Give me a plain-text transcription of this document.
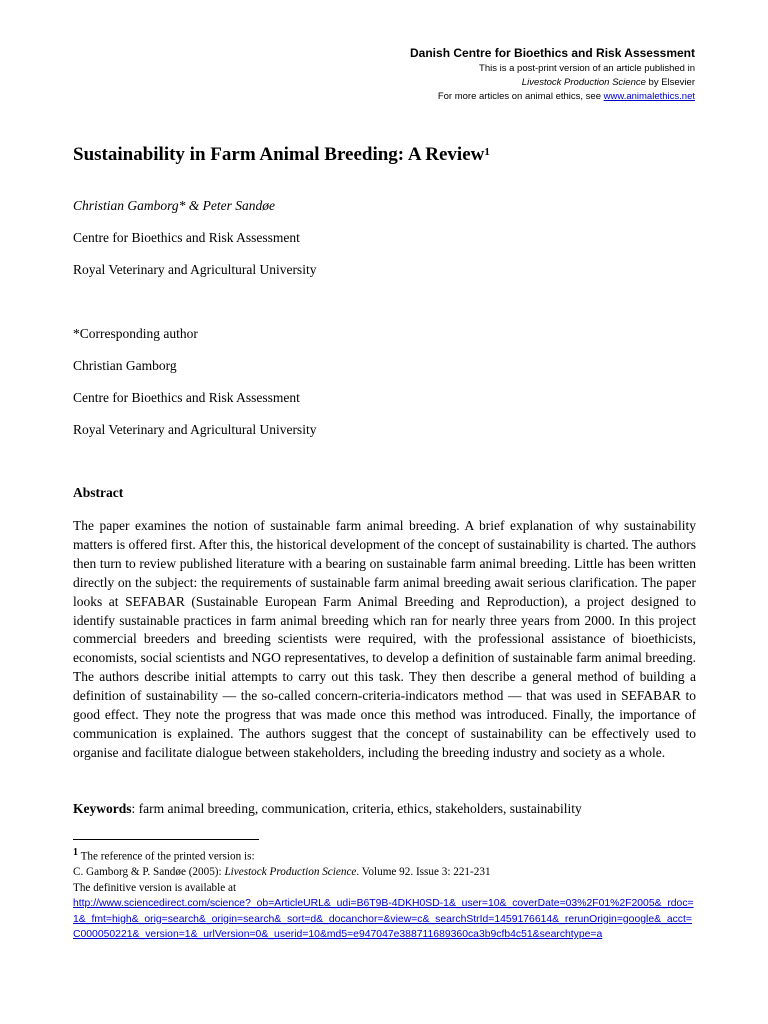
Danish Centre for Bioethics and Risk Assessment
This is a post-print version of an article published in
Livestock Production Science by Elsevier
For more articles on animal ethics, see www.animalethics.net
Sustainability in Farm Animal Breeding: A Review$^1$

Christian Gamborg* & Peter Sandøe

Centre for Bioethics and Risk Assessment

Royal Veterinary and Agricultural University

*Corresponding author

Christian Gamborg

Centre for Bioethics and Risk Assessment

Royal Veterinary and Agricultural University

Abstract

The paper examines the notion of sustainable farm animal breeding. A brief explanation of why sustainability matters is offered first. After this, the historical development of the concept of sustainability is charted. The authors then turn to review published literature with a bearing on sustainable farm animal breeding. Little has been written directly on the subject: the requirements of sustainable farm animal breeding await serious clarification. The paper looks at SEFABAR (Sustainable European Farm Animal Breeding and Reproduction), a project designed to identify sustainable practices in farm animal breeding which ran for nearly three years from 2000. In this project commercial breeders and breeding scientists were required, with the professional assistance of bioethicists, economists, social scientists and NGO representatives, to develop a definition of sustainable farm animal breeding. The authors describe initial attempts to carry out this task. They then describe a general method of building a definition of sustainability — the so-called concern-criteria-indicators method — that was used in SEFABAR to good effect. They note the progress that was made once this method was introduced. Finally, the importance of communication is explained. The authors suggest that the concept of sustainability can be effectively used to organise and facilitate dialogue between stakeholders, including the breeding industry and society as a whole.

Keywords: farm animal breeding, communication, criteria, ethics, stakeholders, sustainability

$^1$ The reference of the printed version is:
C. Gamborg & P. Sandøe (2005): Livestock Production Science. Volume 92. Issue 3: 221-231
The definitive version is available at
http://www.sciencedirect.com/science?_ob=ArticleURL&_udi=B6T9B-4DKH0SD-1&_user=10&_coverDate=03%2F01%2F2005&_rdoc=1&_fmt=high&_orig=search&_origin=search&_sort=d&_docanchor=&view=c&_searchStrId=1459176614&_rerunOrigin=google&_acct=C000050221&_version=1&_urlVersion=0&_userid=10&md5=e947047e388711689360ca3b9cfb4c51&searchtype=a
